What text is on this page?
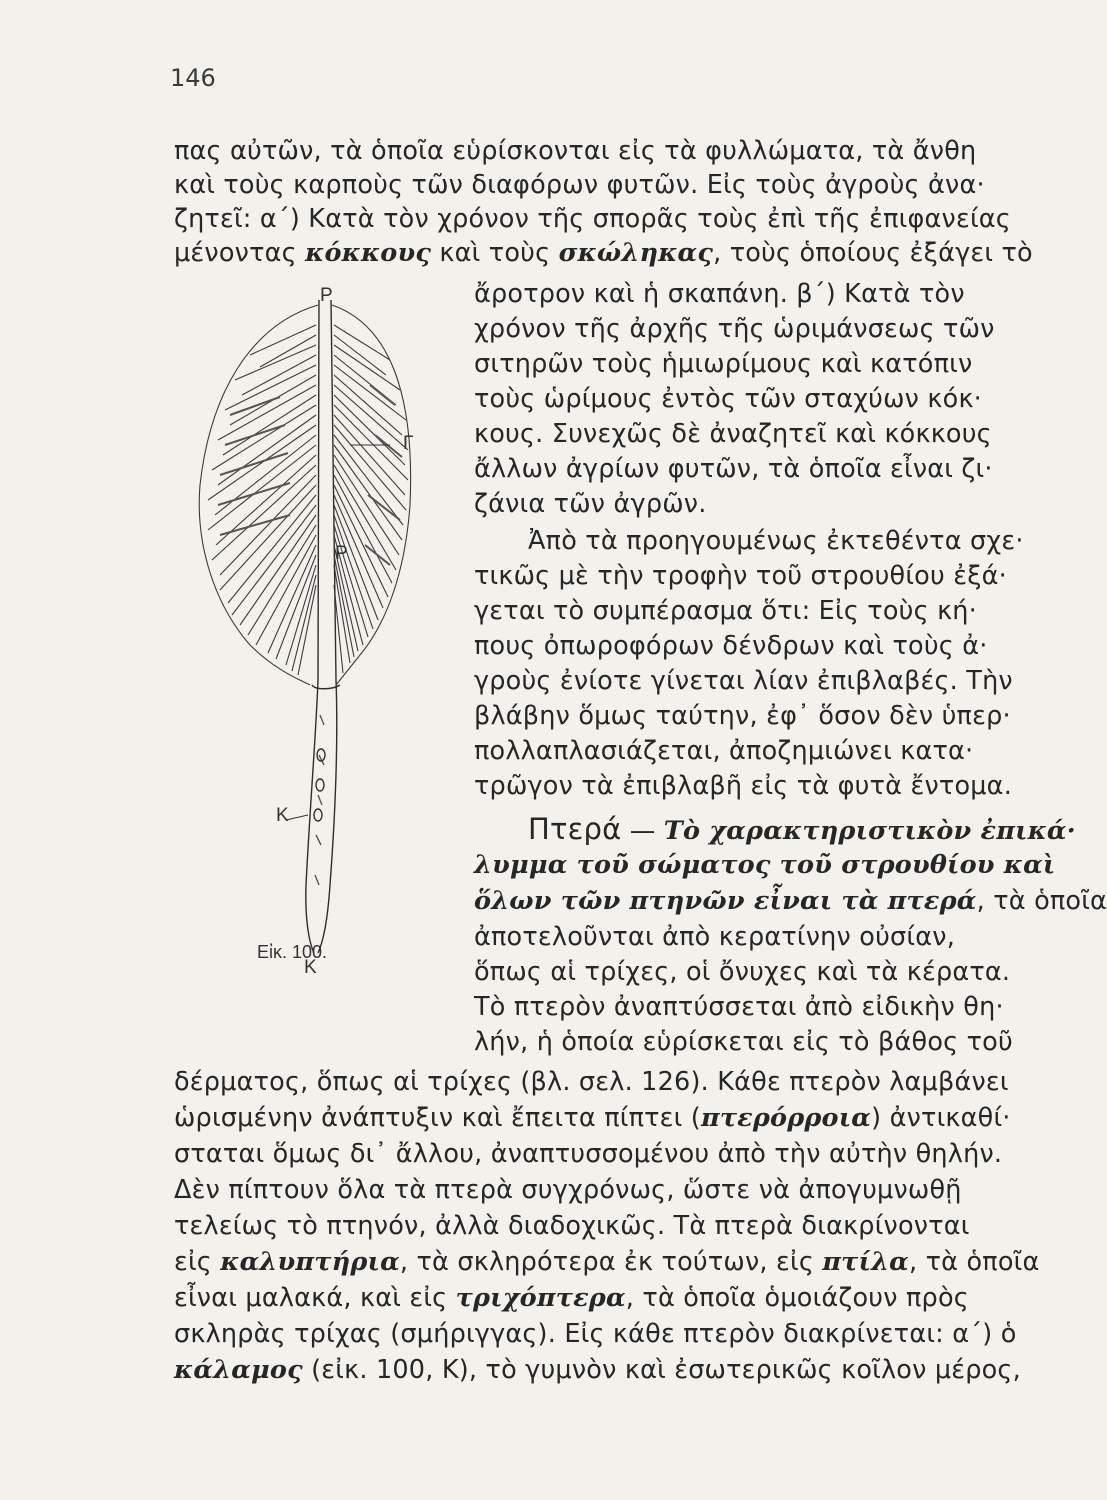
146
πας αὐτῶν, τὰ ὁποῖα εὑρίσκονται εἰς τὰ φυλλώματα, τὰ ἄνθη
καὶ τοὺς καρποὺς τῶν διαφόρων φυτῶν. Εἰς τοὺς ἀγροὺς ἀνα·
ζητεῖ: α΄) Κατὰ τὸν χρόνον τῆς σπορᾶς τοὺς ἐπὶ τῆς ἐπιφανείας
μένοντας κόκκους καὶ τοὺς σκώληκας, τοὺς ὁποίους ἐξάγει τὸ
ἄροτρον καὶ ἡ σκαπάνη. β΄) Κατὰ τὸν
χρόνον τῆς ἀρχῆς τῆς ὡριμάνσεως τῶν
σιτηρῶν τοὺς ἡμιωρίμους καὶ κατόπιν
τοὺς ὡρίμους ἐντὸς τῶν σταχύων κόκ·
κους. Συνεχῶς δὲ ἀναζητεῖ καὶ κόκκους
ἄλλων ἀγρίων φυτῶν, τὰ ὁποῖα εἶναι ζι·
ζάνια τῶν ἀγρῶν.
Ἀπὸ τὰ προηγουμένως ἐκτεθέντα σχε·
τικῶς μὲ τὴν τροφὴν τοῦ στρουθίου ἐξά·
γεται τὸ συμπέρασμα ὅτι: Εἰς τοὺς κή·
πους ὀπωροφόρων δένδρων καὶ τοὺς ἀ·
γροὺς ἐνίοτε γίνεται λίαν ἐπιβλαβές. Τὴν
βλάβην ὅμως ταύτην, ἐφ᾽ ὅσον δὲν ὑπερ·
πολλαπλασιάζεται, ἀποζημιώνει κατα·
τρῶγον τὰ ἐπιβλαβῆ εἰς τὰ φυτὰ ἔντομα.
Πτερά — Τὸ χαρακτηριστικὸν ἐπικά·
λυμμα τοῦ σώματος τοῦ στρουθίου καὶ
ὅλων τῶν πτηνῶν εἶναι τὰ πτερά, τὰ ὁποῖα
ἀποτελοῦνται ἀπὸ κερατίνην οὐσίαν,
ὅπως αἱ τρίχες, οἱ ὄνυχες καὶ τὰ κέρατα.
Τὸ πτερὸν ἀναπτύσσεται ἀπὸ εἰδικὴν θη·
λήν, ἡ ὁποία εὑρίσκεται εἰς τὸ βάθος τοῦ
δέρματος, ὅπως αἱ τρίχες (βλ. σελ. 126). Κάθε πτερὸν λαμβάνει
ὡρισμένην ἀνάπτυξιν καὶ ἔπειτα πίπτει (πτερόρροια) ἀντικαθί·
σταται ὅμως δι᾽ ἄλλου, ἀναπτυσσομένου ἀπὸ τὴν αὐτὴν θηλήν.
Δὲν πίπτουν ὅλα τὰ πτερὰ συγχρόνως, ὥστε νὰ ἀπογυμνωθῇ
τελείως τὸ πτηνόν, ἀλλὰ διαδοχικῶς. Τὰ πτερὰ διακρίνονται
εἰς καλυπτήρια, τὰ σκληρότερα ἐκ τούτων, εἰς πτίλα, τὰ ὁποῖα
εἶναι μαλακά, καὶ εἰς τριχόπτερα, τὰ ὁποῖα ὁμοιάζουν πρὸς
σκληρὰς τρίχας (σμήριγγας). Εἰς κάθε πτερὸν διακρίνεται: α΄) ὁ
κάλαμος (εἰκ. 100, Κ), τὸ γυμνὸν καὶ ἐσωτερικῶς κοῖλον μέρος,
Ρ
Γ
Ρ
Κ
Κ
Εἰκ. 100.
